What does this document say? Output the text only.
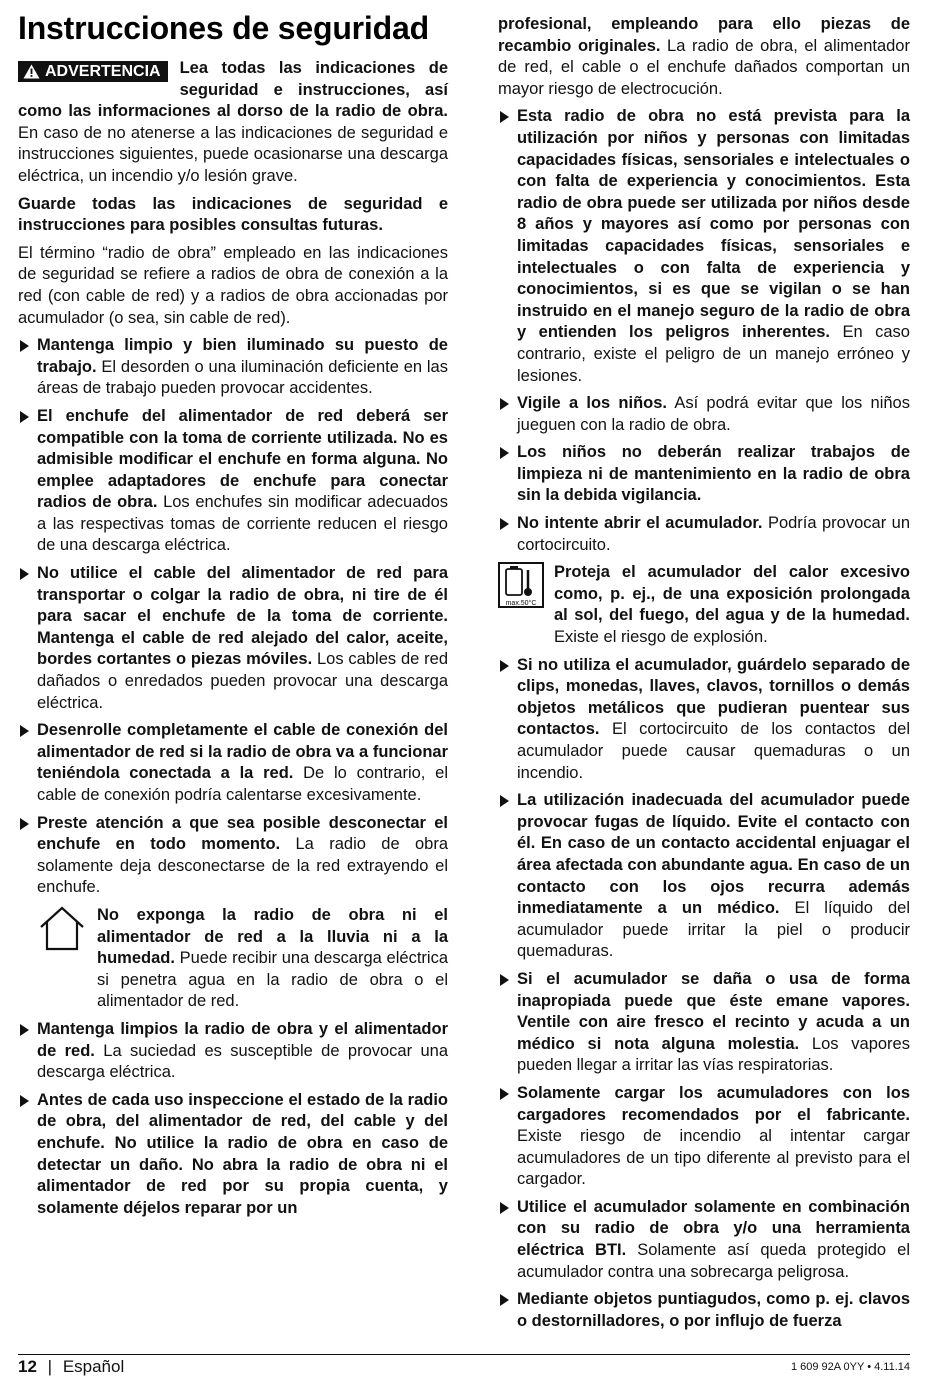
Instrucciones de seguridad

ADVERTENCIA Lea todas las indicaciones de seguridad e instrucciones, así como las informaciones al dorso de la radio de obra. En caso de no atenerse a las indicaciones de seguridad e instrucciones siguientes, puede ocasionarse una descarga eléctrica, un incendio y/o lesión grave.

Guarde todas las indicaciones de seguridad e instrucciones para posibles consultas futuras.

El término “radio de obra” empleado en las indicaciones de seguridad se refiere a radios de obra de conexión a la red (con cable de red) y a radios de obra accionadas por acumulador (o sea, sin cable de red).

Mantenga limpio y bien iluminado su puesto de trabajo. El desorden o una iluminación deficiente en las áreas de trabajo pueden provocar accidentes.
El enchufe del alimentador de red deberá ser compatible con la toma de corriente utilizada. No es admisible modificar el enchufe en forma alguna. No emplee adaptadores de enchufe para conectar radios de obra. Los enchufes sin modificar adecuados a las respectivas tomas de corriente reducen el riesgo de una descarga eléctrica.
No utilice el cable del alimentador de red para transportar o colgar la radio de obra, ni tire de él para sacar el enchufe de la toma de corriente. Mantenga el cable de red alejado del calor, aceite, bordes cortantes o piezas móviles. Los cables de red dañados o enredados pueden provocar una descarga eléctrica.
Desenrolle completamente el cable de conexión del alimentador de red si la radio de obra va a funcionar teniéndola conectada a la red. De lo contrario, el cable de conexión podría calentarse excesivamente.
Preste atención a que sea posible desconectar el enchufe en todo momento. La radio de obra solamente deja desconectarse de la red extrayendo el enchufe.
No exponga la radio de obra ni el alimentador de red a la lluvia ni a la humedad. Puede recibir una descarga eléctrica si penetra agua en la radio de obra o el alimentador de red.
Mantenga limpios la radio de obra y el alimentador de red. La suciedad es susceptible de provocar una descarga eléctrica.
Antes de cada uso inspeccione el estado de la radio de obra, del alimentador de red, del cable y del enchufe. No utilice la radio de obra en caso de detectar un daño. No abra la radio de obra ni el alimentador de red por su propia cuenta, y solamente déjelos reparar por un

profesional, empleando para ello piezas de recambio originales. La radio de obra, el alimentador de red, el cable o el enchufe dañados comportan un mayor riesgo de electrocución.

Esta radio de obra no está prevista para la utilización por niños y personas con limitadas capacidades físicas, sensoriales e intelectuales o con falta de experiencia y conocimientos. Esta radio de obra puede ser utilizada por niños desde 8 años y mayores así como por personas con limitadas capacidades físicas, sensoriales e intelectuales o con falta de experiencia y conocimientos, si es que se vigilan o se han instruido en el manejo seguro de la radio de obra y entienden los peligros inherentes. En caso contrario, existe el peligro de un manejo erróneo y lesiones.
Vigile a los niños. Así podrá evitar que los niños jueguen con la radio de obra.
Los niños no deberán realizar trabajos de limpieza ni de mantenimiento en la radio de obra sin la debida vigilancia.
No intente abrir el acumulador. Podría provocar un cortocircuito.
max.50°C
Proteja el acumulador del calor excesivo como, p. ej., de una exposición prolongada al sol, del fuego, del agua y de la humedad. Existe el riesgo de explosión.
Si no utiliza el acumulador, guárdelo separado de clips, monedas, llaves, clavos, tornillos o demás objetos metálicos que pudieran puentear sus contactos. El cortocircuito de los contactos del acumulador puede causar quemaduras o un incendio.
La utilización inadecuada del acumulador puede provocar fugas de líquido. Evite el contacto con él. En caso de un contacto accidental enjuagar el área afectada con abundante agua. En caso de un contacto con los ojos recurra además inmediatamente a un médico. El líquido del acumulador puede irritar la piel o producir quemaduras.
Si el acumulador se daña o usa de forma inapropiada puede que éste emane vapores. Ventile con aire fresco el recinto y acuda a un médico si nota alguna molestia. Los vapores pueden llegar a irritar las vías respiratorias.
Solamente cargar los acumuladores con los cargadores recomendados por el fabricante. Existe riesgo de incendio al intentar cargar acumuladores de un tipo diferente al previsto para el cargador.
Utilice el acumulador solamente en combinación con su radio de obra y/o una herramienta eléctrica BTI. Solamente así queda protegido el acumulador contra una sobrecarga peligrosa.
Mediante objetos puntiagudos, como p. ej. clavos o destornilladores, o por influjo de fuerza
12 | Español	1 609 92A 0YY • 4.11.14
